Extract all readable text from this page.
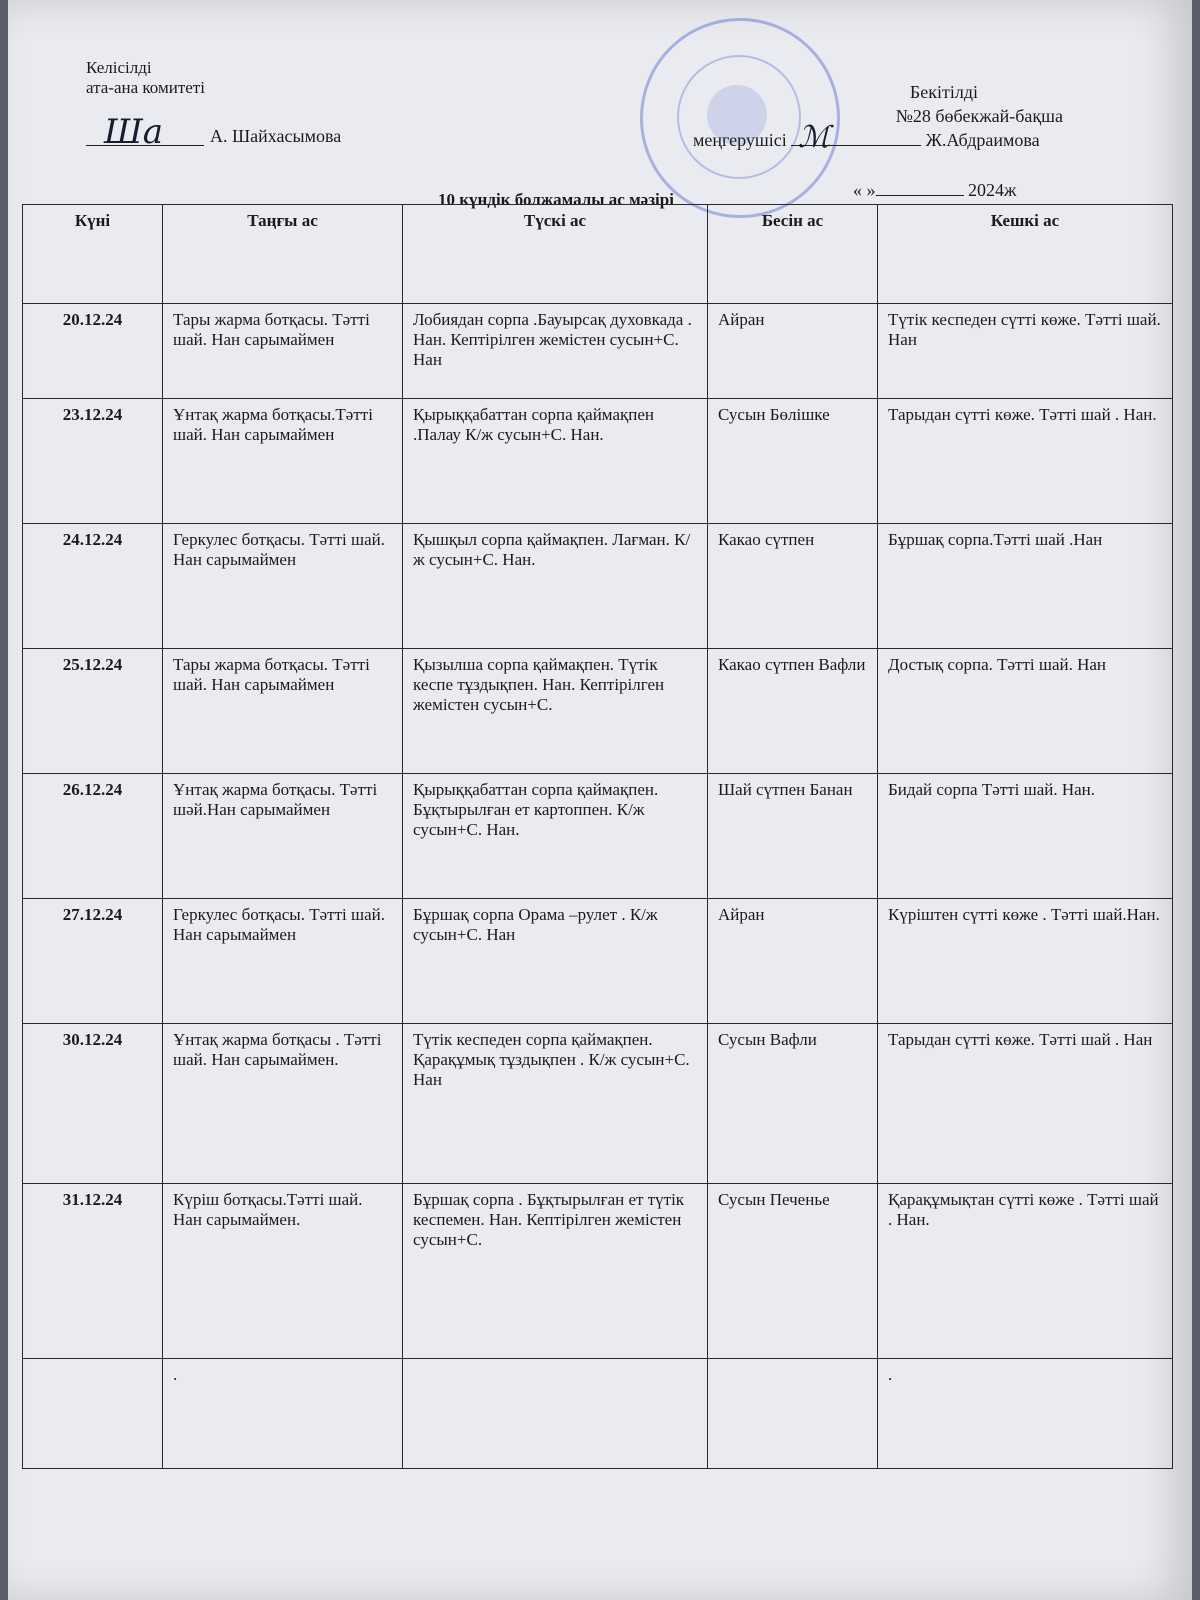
Келісілді
ата-ана комитеті
А. Шайхасымова
Ша
Бекітілді
№28 бөбекжай-бақша
меңгерушісі	Ж.Абдраимова
ℳ
« »	2024ж
10 күндік болжамалы ас мәзірі
Күні	Таңғы ас	Түскі ас	Бесін ас	Кешкі ас
20.12.24	Тары жарма ботқасы. Тәтті шай. Нан сарымаймен	Лобиядан сорпа .Бауырсақ духовкада . Нан. Кептірілген жемістен сусын+С. Нан	Айран	Түтік кеспеден сүтті көже. Тәтті шай. Нан
23.12.24	Ұнтақ жарма ботқасы.Тәтті шай. Нан сарымаймен	Қырыққабаттан сорпа қаймақпен .Палау К/ж сусын+С. Нан.	Сусын Бөлішке	Тарыдан сүтті көже. Тәтті шай . Нан.
24.12.24	Геркулес ботқасы. Тәтті шай. Нан сарымаймен	Қышқыл сорпа қаймақпен. Лағман. К/ж сусын+С. Нан.	Какао сүтпен	Бұршақ сорпа.Тәтті шай .Нан
25.12.24	Тары жарма ботқасы. Тәтті шай. Нан сарымаймен	Қызылша сорпа қаймақпен. Түтік кеспе тұздықпен. Нан. Кептірілген жемістен сусын+С.	Какао сүтпен Вафли	Достық сорпа. Тәтті шай. Нан
26.12.24	Ұнтақ жарма ботқасы. Тәтті шәй.Нан сарымаймен	Қырыққабаттан сорпа қаймақпен. Бұқтырылған ет картоппен. К/ж сусын+С. Нан.	Шай сүтпен Банан	Бидай сорпа Тәтті шай. Нан.
27.12.24	Геркулес ботқасы. Тәтті шай. Нан сарымаймен	Бұршақ сорпа Орама –рулет . К/ж сусын+С. Нан	Айран	Күріштен сүтті көже . Тәтті шай.Нан.
30.12.24	Ұнтақ жарма ботқасы . Тәтті шай. Нан сарымаймен.	Түтік кеспеден сорпа қаймақпен. Қарақұмық тұздықпен . К/ж сусын+С. Нан	Сусын Вафли	Тарыдан сүтті көже. Тәтті шай . Нан
31.12.24	Күріш ботқасы.Тәтті шай. Нан сарымаймен.	Бұршақ сорпа . Бұқтырылған ет түтік кеспемен. Нан. Кептірілген жемістен сусын+С.	Сусын Печенье	Қарақұмықтан сүтті көже . Тәтті шай . Нан.
	.			.
